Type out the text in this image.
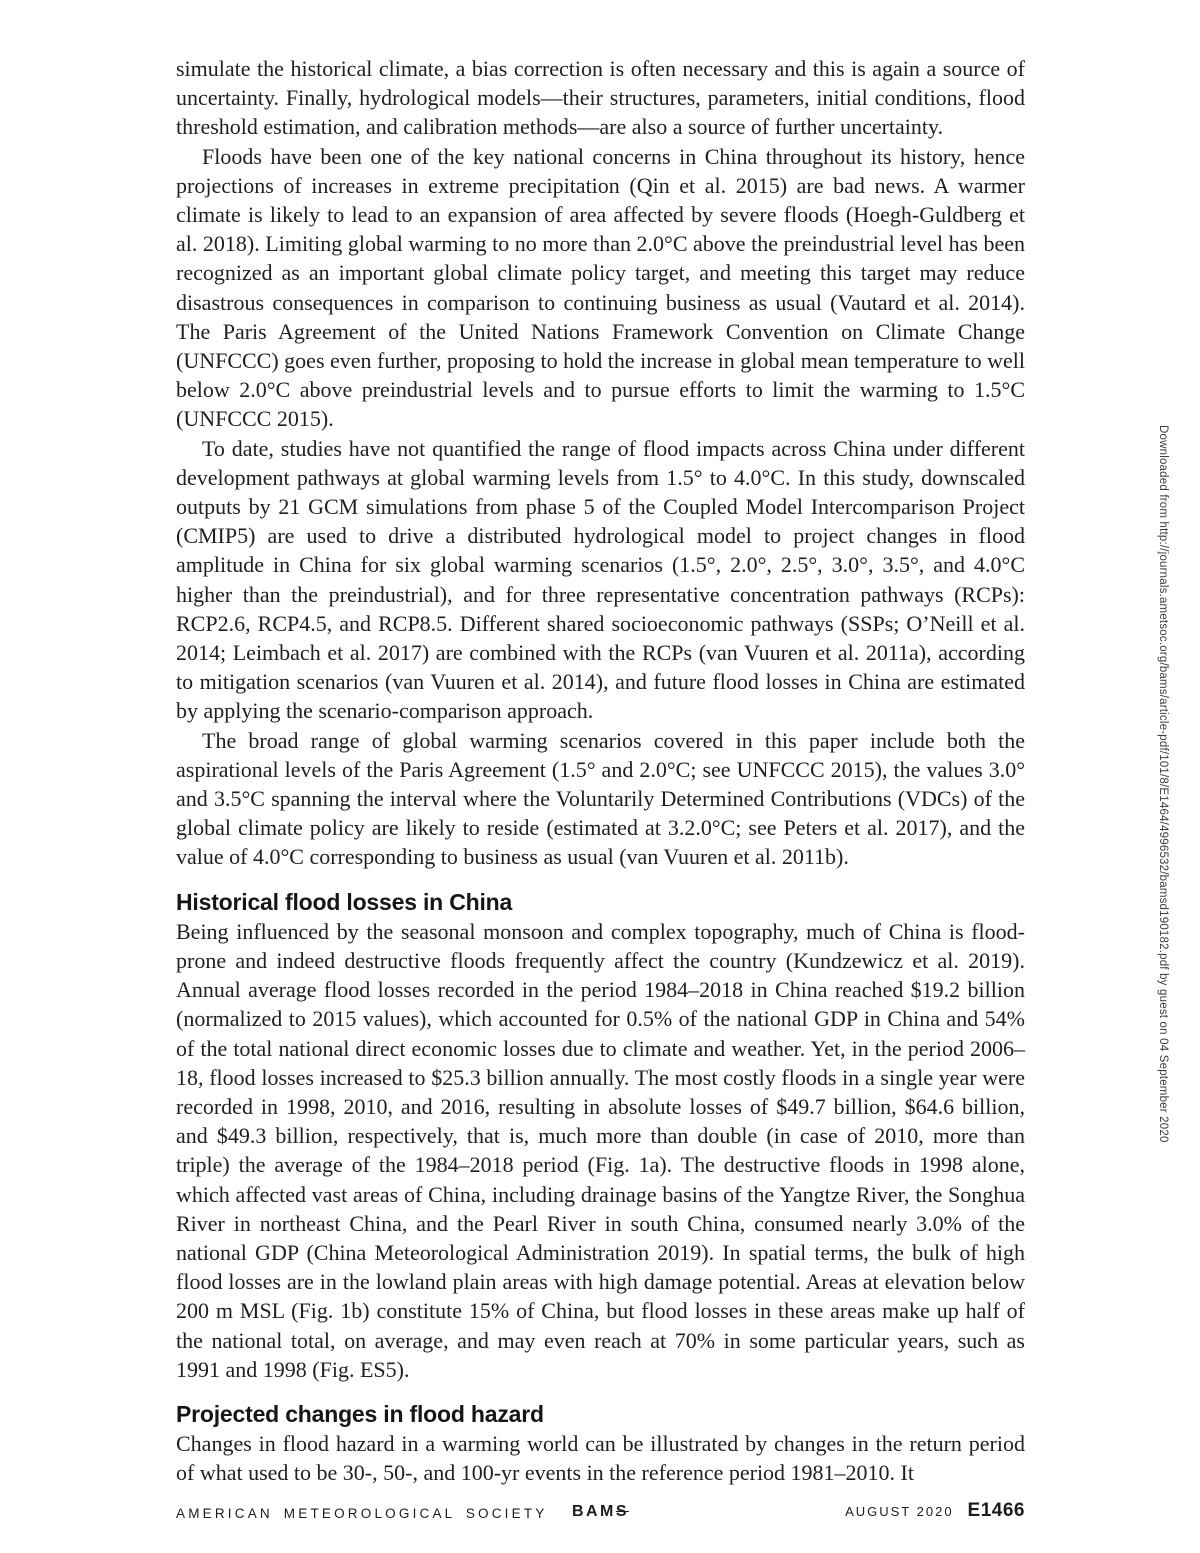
simulate the historical climate, a bias correction is often necessary and this is again a source of uncertainty. Finally, hydrological models—their structures, parameters, initial conditions, flood threshold estimation, and calibration methods—are also a source of further uncertainty.

Floods have been one of the key national concerns in China throughout its history, hence projections of increases in extreme precipitation (Qin et al. 2015) are bad news. A warmer climate is likely to lead to an expansion of area affected by severe floods (Hoegh-Guldberg et al. 2018). Limiting global warming to no more than 2.0°C above the preindustrial level has been recognized as an important global climate policy target, and meeting this target may reduce disastrous consequences in comparison to continuing business as usual (Vautard et al. 2014). The Paris Agreement of the United Nations Framework Convention on Climate Change (UNFCCC) goes even further, proposing to hold the increase in global mean temperature to well below 2.0°C above preindustrial levels and to pursue efforts to limit the warming to 1.5°C (UNFCCC 2015).

To date, studies have not quantified the range of flood impacts across China under different development pathways at global warming levels from 1.5° to 4.0°C. In this study, downscaled outputs by 21 GCM simulations from phase 5 of the Coupled Model Intercomparison Project (CMIP5) are used to drive a distributed hydrological model to project changes in flood amplitude in China for six global warming scenarios (1.5°, 2.0°, 2.5°, 3.0°, 3.5°, and 4.0°C higher than the preindustrial), and for three representative concentration pathways (RCPs): RCP2.6, RCP4.5, and RCP8.5. Different shared socioeconomic pathways (SSPs; O’Neill et al. 2014; Leimbach et al. 2017) are combined with the RCPs (van Vuuren et al. 2011a), according to mitigation scenarios (van Vuuren et al. 2014), and future flood losses in China are estimated by applying the scenario-comparison approach.

The broad range of global warming scenarios covered in this paper include both the aspirational levels of the Paris Agreement (1.5° and 2.0°C; see UNFCCC 2015), the values 3.0° and 3.5°C spanning the interval where the Voluntarily Determined Contributions (VDCs) of the global climate policy are likely to reside (estimated at 3.2.0°C; see Peters et al. 2017), and the value of 4.0°C corresponding to business as usual (van Vuuren et al. 2011b).

Historical flood losses in China

Being influenced by the seasonal monsoon and complex topography, much of China is flood-prone and indeed destructive floods frequently affect the country (Kundzewicz et al. 2019). Annual average flood losses recorded in the period 1984–2018 in China reached $19.2 billion (normalized to 2015 values), which accounted for 0.5% of the national GDP in China and 54% of the total national direct economic losses due to climate and weather. Yet, in the period 2006–18, flood losses increased to $25.3 billion annually. The most costly floods in a single year were recorded in 1998, 2010, and 2016, resulting in absolute losses of $49.7 billion, $64.6 billion, and $49.3 billion, respectively, that is, much more than double (in case of 2010, more than triple) the average of the 1984–2018 period (Fig. 1a). The destructive floods in 1998 alone, which affected vast areas of China, including drainage basins of the Yangtze River, the Songhua River in northeast China, and the Pearl River in south China, consumed nearly 3.0% of the national GDP (China Meteorological Administration 2019). In spatial terms, the bulk of high flood losses are in the lowland plain areas with high damage potential. Areas at elevation below 200 m MSL (Fig. 1b) constitute 15% of China, but flood losses in these areas make up half of the national total, on average, and may even reach at 70% in some particular years, such as 1991 and 1998 (Fig. ES5).

Projected changes in flood hazard

Changes in flood hazard in a warming world can be illustrated by changes in the return period of what used to be 30-, 50-, and 100-yr events in the reference period 1981–2010. It

Downloaded from http://journals.ametsoc.org/bams/article-pdf/101/8/E1464/4996532/bamsd190182.pdf by guest on 04 September 2020
AMERICAN METEOROLOGICAL SOCIETY BAMS	AUGUST 2020 E1466
